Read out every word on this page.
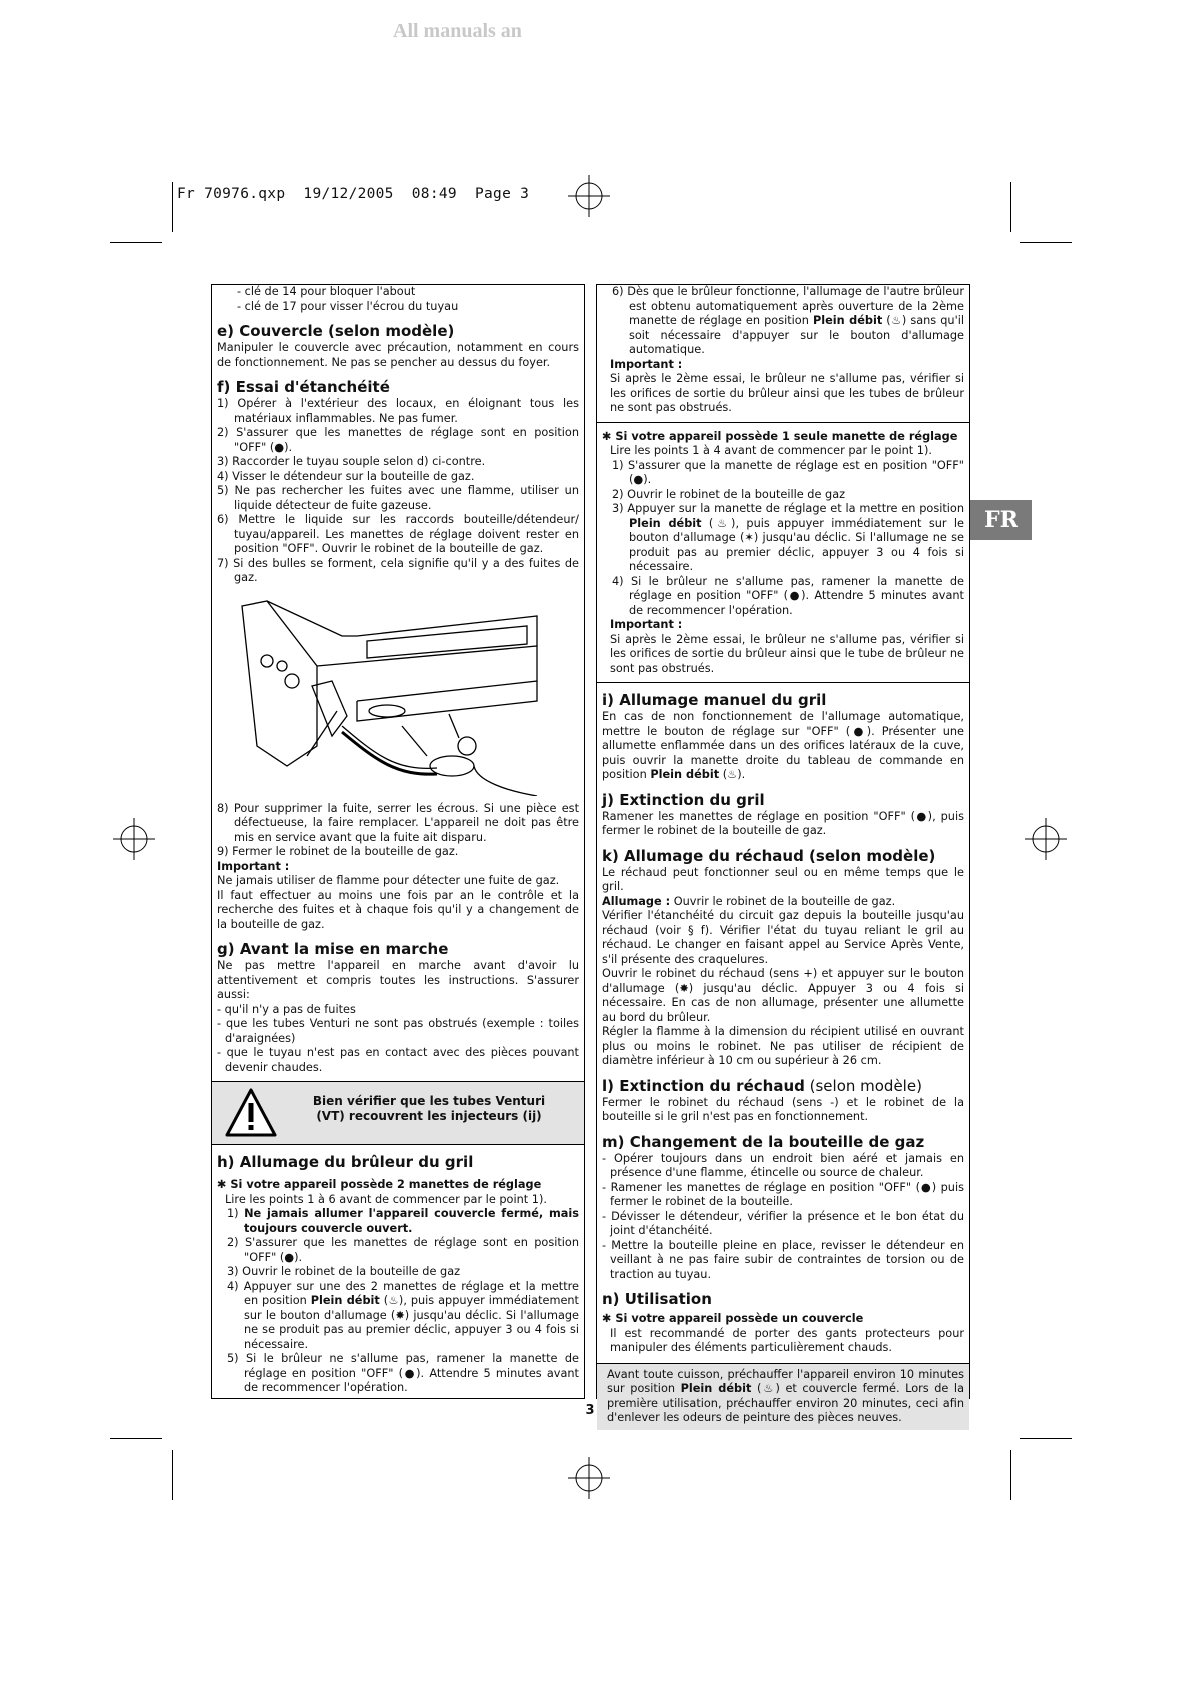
All manuals an
Fr 70976.qxp  19/12/2005  08:49  Page 3
FR

- clé de 14 pour bloquer l'about

- clé de 17 pour visser l'écrou du tuyau

e) Couvercle (selon modèle)

Manipuler le couvercle avec précaution, notamment en cours de fonctionnement. Ne pas se pencher au dessus du foyer.

f) Essai d'étanchéité

1) Opérer à l'extérieur des locaux, en éloignant tous les matériaux inflammables. Ne pas fumer.

2) S'assurer que les manettes de réglage sont en position "OFF" (●).

3) Raccorder le tuyau souple selon d) ci-contre.

4) Visser le détendeur sur la bouteille de gaz.

5) Ne pas rechercher les fuites avec une flamme, utiliser un liquide détecteur de fuite gazeuse.

6) Mettre le liquide sur les raccords bouteille/détendeur/ tuyau/appareil. Les manettes de réglage doivent rester en position "OFF". Ouvrir le robinet de la bouteille de gaz.

7) Si des bulles se forment, cela signifie qu'il y a des fuites de gaz.

8) Pour supprimer la fuite, serrer les écrous. Si une pièce est défectueuse, la faire remplacer. L'appareil ne doit pas être mis en service avant que la fuite ait disparu.

9) Fermer le robinet de la bouteille de gaz.

Important :

Ne jamais utiliser de flamme pour détecter une fuite de gaz.

Il faut effectuer au moins une fois par an le contrôle et la recherche des fuites et à chaque fois qu'il y a changement de la bouteille de gaz.

g) Avant la mise en marche

Ne pas mettre l'appareil en marche avant d'avoir lu attentivement et compris toutes les instructions. S'assurer aussi:

- qu'il n'y a pas de fuites

- que les tubes Venturi ne sont pas obstrués (exemple : toiles d'araignées)

- que le tuyau n'est pas en contact avec des pièces pouvant devenir chaudes.

Bien vérifier que les tubes Venturi
(VT) recouvrent les injecteurs (ij)
h) Allumage du brûleur du gril

✱ Si votre appareil possède 2 manettes de réglage

Lire les points 1 à 6 avant de commencer par le point 1).

1) Ne jamais allumer l'appareil couvercle fermé, mais toujours couvercle ouvert.

2) S'assurer que les manettes de réglage sont en position "OFF" (●).

3) Ouvrir le robinet de la bouteille de gaz

4) Appuyer sur une des 2 manettes de réglage et la mettre en position Plein débit (♨), puis appuyer immédiatement sur le bouton d'allumage (✸) jusqu'au déclic. Si l'allumage ne se produit pas au premier déclic, appuyer 3 ou 4 fois si nécessaire.

5) Si le brûleur ne s'allume pas, ramener la manette de réglage en position "OFF" (●). Attendre 5 minutes avant de recommencer l'opération.

6) Dès que le brûleur fonctionne, l'allumage de l'autre brûleur est obtenu automatiquement après ouverture de la 2ème manette de réglage en position Plein débit (♨) sans qu'il soit nécessaire d'appuyer sur le bouton d'allumage automatique.

Important :

Si après le 2ème essai, le brûleur ne s'allume pas, vérifier si les orifices de sortie du brûleur ainsi que les tubes de brûleur ne sont pas obstrués.

✱ Si votre appareil possède 1 seule manette de réglage

Lire les points 1 à 4 avant de commencer par le point 1).

1) S'assurer que la manette de réglage est en position "OFF" (●).

2) Ouvrir le robinet de la bouteille de gaz

3) Appuyer sur la manette de réglage et la mettre en position Plein débit (♨), puis appuyer immédiatement sur le bouton d'allumage (✶) jusqu'au déclic. Si l'allumage ne se produit pas au premier déclic, appuyer 3 ou 4 fois si nécessaire.

4) Si le brûleur ne s'allume pas, ramener la manette de réglage en position "OFF" (●). Attendre 5 minutes avant de recommencer l'opération.

Important :

Si après le 2ème essai, le brûleur ne s'allume pas, vérifier si les orifices de sortie du brûleur ainsi que le tube de brûleur ne sont pas obstrués.

i) Allumage manuel du gril

En cas de non fonctionnement de l'allumage automatique, mettre le bouton de réglage sur "OFF" (●). Présenter une allumette enflammée dans un des orifices latéraux de la cuve, puis ouvrir la manette droite du tableau de commande en position Plein débit (♨).

j) Extinction du gril

Ramener les manettes de réglage en position "OFF" (●), puis fermer le robinet de la bouteille de gaz.

k) Allumage du réchaud (selon modèle)

Le réchaud peut fonctionner seul ou en même temps que le gril.

Allumage : Ouvrir le robinet de la bouteille de gaz.

Vérifier l'étanchéité du circuit gaz depuis la bouteille jusqu'au réchaud (voir § f). Vérifier l'état du tuyau reliant le gril au réchaud. Le changer en faisant appel au Service Après Vente, s'il présente des craquelures.

Ouvrir le robinet du réchaud (sens +) et appuyer sur le bouton d'allumage (✸) jusqu'au déclic. Appuyer 3 ou 4 fois si nécessaire. En cas de non allumage, présenter une allumette au bord du brûleur.

Régler la flamme à la dimension du récipient utilisé en ouvrant plus ou moins le robinet. Ne pas utiliser de récipient de diamètre inférieur à 10 cm ou supérieur à 26 cm.

l) Extinction du réchaud (selon modèle)

Fermer le robinet du réchaud (sens -) et le robinet de la bouteille si le gril n'est pas en fonctionnement.

m) Changement de la bouteille de gaz

- Opérer toujours dans un endroit bien aéré et jamais en présence d'une flamme, étincelle ou source de chaleur.

- Ramener les manettes de réglage en position "OFF" (●) puis fermer le robinet de la bouteille.

- Dévisser le détendeur, vérifier la présence et le bon état du joint d'étanchéité.

- Mettre la bouteille pleine en place, revisser le détendeur en veillant à ne pas faire subir de contraintes de torsion ou de traction au tuyau.

n) Utilisation

✱ Si votre appareil possède un couvercle

Il est recommandé de porter des gants protecteurs pour manipuler des éléments particulièrement chauds.

Avant toute cuisson, préchauffer l'appareil environ 10 minutes sur position Plein débit (♨) et couvercle fermé. Lors de la première utilisation, préchauffer environ 20 minutes, ceci afin d'enlever les odeurs de peinture des pièces neuves.
3
